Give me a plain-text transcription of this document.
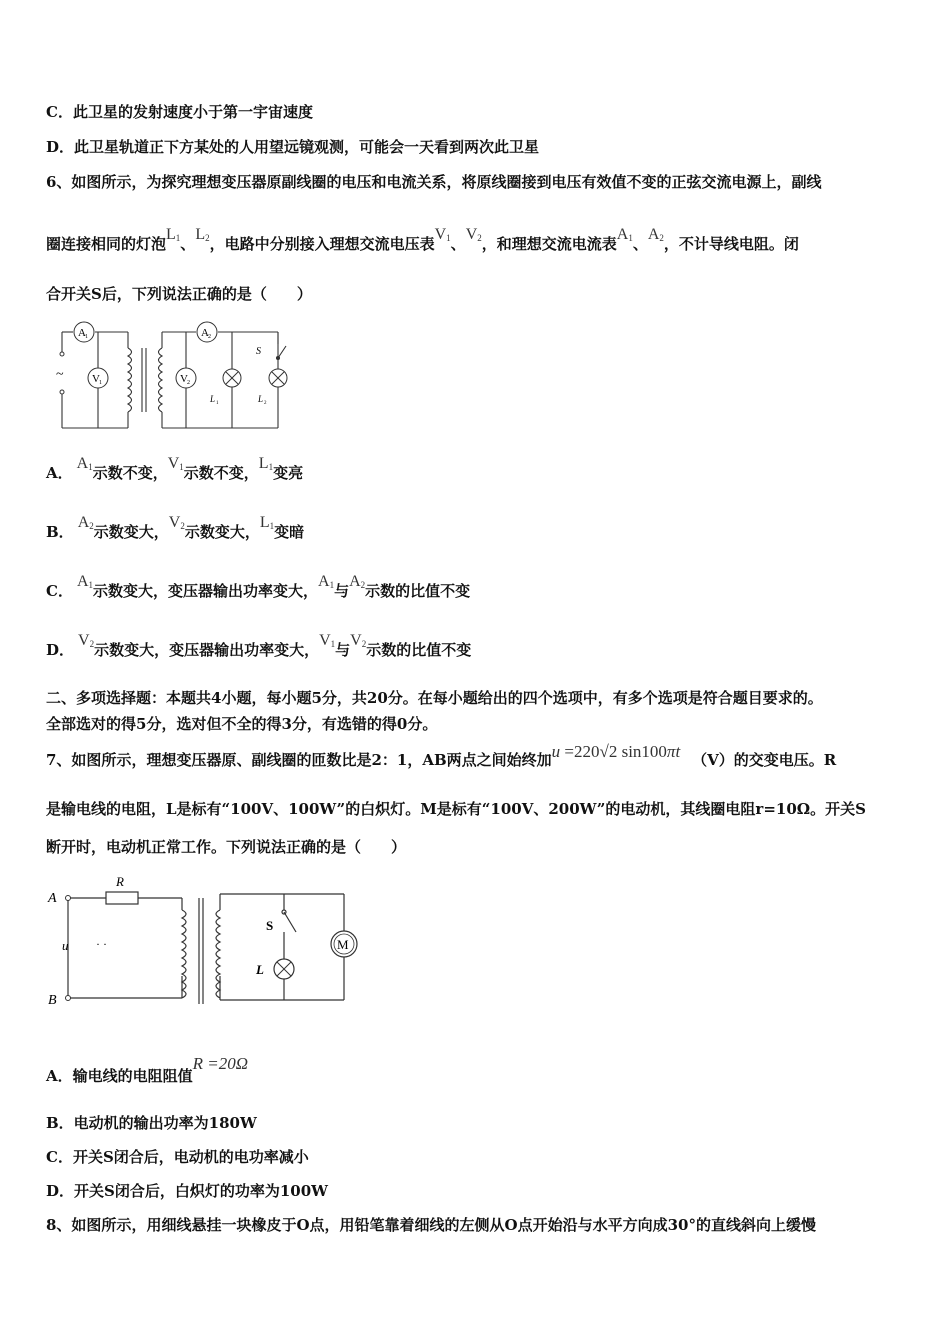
C．此卫星的发射速度小于第一宇宙速度
D．此卫星轨道正下方某处的人用望远镜观测，可能会一天看到两次此卫星
6、如图所示，为探究理想变压器原副线圈的电压和电流关系，将原线圈接到电压有效值不变的正弦交流电源上，副线
圈连接相同的灯泡$L_1$、$L_2$，电路中分别接入理想交流电压表$V_1$、$V_2$，和理想交流电流表$A_1$、$A_2$，不计导线电阻。闭
合开关S后，下列说法正确的是（　　）
~
A 1
V 1
A 2
V 2
L 1	L 2
S
A．$A_1$示数不变，$V_1$示数不变，$L_1$变亮
B．$A_2$示数变大，$V_2$示数变大，$L_1$变暗
C．$A_1$示数变大，变压器输出功率变大，$A_1$与$A_2$示数的比值不变
D．$V_2$示数变大，变压器输出功率变大，$V_1$与$V_2$示数的比值不变
二、多项选择题：本题共4小题，每小题5分，共20分。在每小题给出的四个选项中，有多个选项是符合题目要求的。
全部选对的得5分，选对但不全的得3分，有选错的得0分。
7、如图所示，理想变压器原、副线圈的匝数比是2：1，AB两点之间始终加u =220√2 sin100πt （V）的交变电压。R
是输电线的电阻，L是标有“100V、100W”的白炽灯。M是标有“100V、200W”的电动机，其线圈电阻r=10Ω。开关S
断开时，电动机正常工作。下列说法正确的是（　　）
R
A
B
u · ·
S
L
M
A．输电线的电阻阻值R =20Ω
B．电动机的输出功率为180W
C．开关S闭合后，电动机的电功率减小
D．开关S闭合后，白炽灯的功率为100W
8、如图所示，用细线悬挂一块橡皮于O点，用铅笔靠着细线的左侧从O点开始沿与水平方向成30°的直线斜向上缓慢
